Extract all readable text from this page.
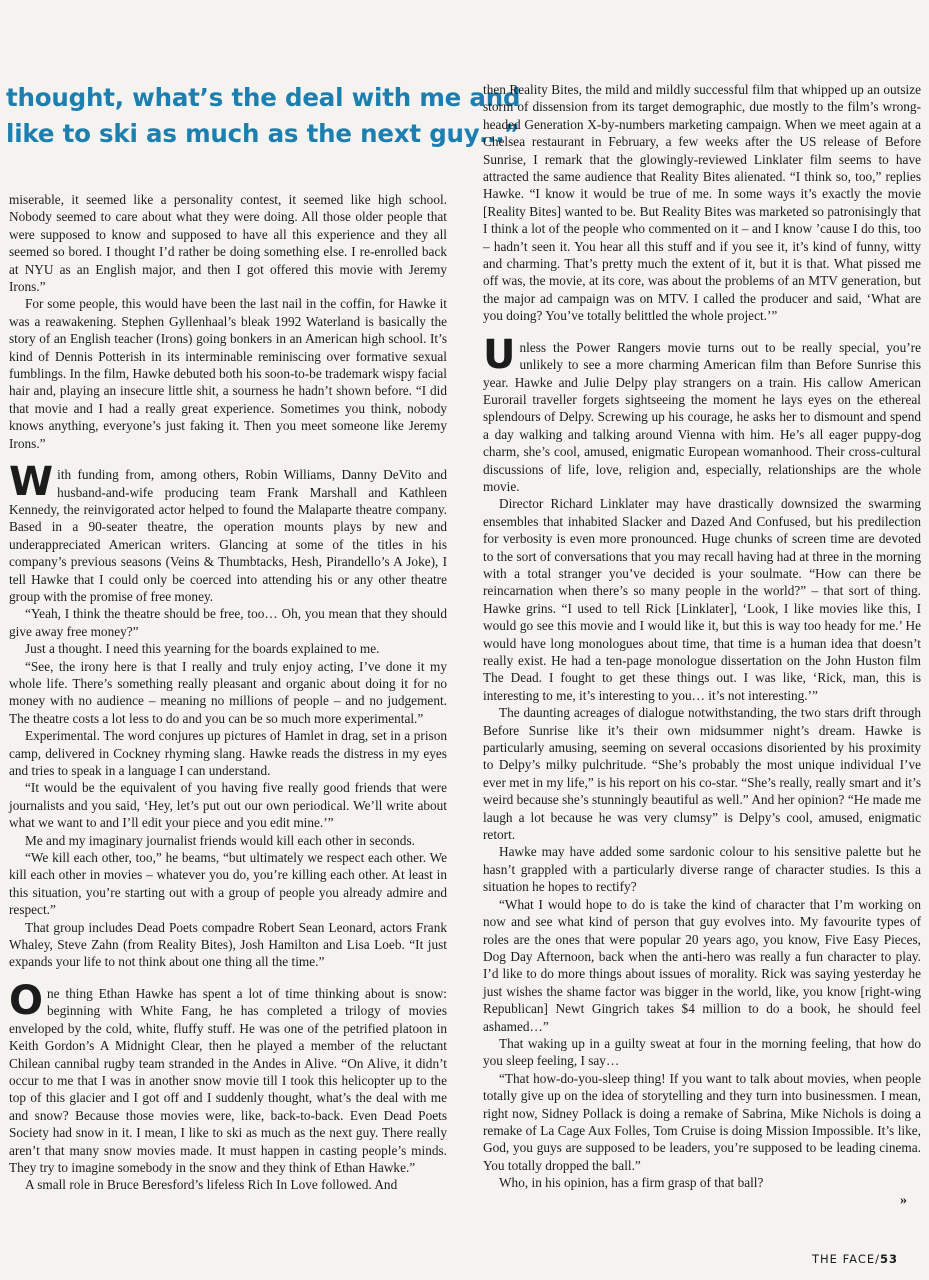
thought, what’s the deal with me and
like to ski as much as the next guy…”

miserable, it seemed like a personality contest, it seemed like high school. Nobody seemed to care about what they were doing. All those older people that were supposed to know and supposed to have all this experience and they all seemed so bored. I thought I’d rather be doing something else. I re-enrolled back at NYU as an English major, and then I got offered this movie with Jeremy Irons.”

For some people, this would have been the last nail in the coffin, for Hawke it was a reawakening. Stephen Gyllenhaal’s bleak 1992 Waterland is basically the story of an English teacher (Irons) going bonkers in an American high school. It’s kind of Dennis Potterish in its interminable reminiscing over formative sexual fumblings. In the film, Hawke debuted both his soon-to-be trademark wispy facial hair and, playing an insecure little shit, a sourness he hadn’t shown before. “I did that movie and I had a really great experience. Sometimes you think, nobody knows anything, everyone’s just faking it. Then you meet someone like Jeremy Irons.”

With funding from, among others, Robin Williams, Danny DeVito and husband-and-wife producing team Frank Marshall and Kathleen Kennedy, the reinvigorated actor helped to found the Malaparte theatre company. Based in a 90-seater theatre, the operation mounts plays by new and underappreciated American writers. Glancing at some of the titles in his company’s previous seasons (Veins & Thumbtacks, Hesh, Pirandello’s A Joke), I tell Hawke that I could only be coerced into attending his or any other theatre group with the promise of free money.

“Yeah, I think the theatre should be free, too… Oh, you mean that they should give away free money?”

Just a thought. I need this yearning for the boards explained to me.

“See, the irony here is that I really and truly enjoy acting, I’ve done it my whole life. There’s something really pleasant and organic about doing it for no money with no audience – meaning no millions of people – and no judgement. The theatre costs a lot less to do and you can be so much more experimental.”

Experimental. The word conjures up pictures of Hamlet in drag, set in a prison camp, delivered in Cockney rhyming slang. Hawke reads the distress in my eyes and tries to speak in a language I can understand.

“It would be the equivalent of you having five really good friends that were journalists and you said, ‘Hey, let’s put out our own periodical. We’ll write about what we want to and I’ll edit your piece and you edit mine.’”

Me and my imaginary journalist friends would kill each other in seconds.

“We kill each other, too,” he beams, “but ultimately we respect each other. We kill each other in movies – whatever you do, you’re killing each other. At least in this situation, you’re starting out with a group of people you already admire and respect.”

That group includes Dead Poets compadre Robert Sean Leonard, actors Frank Whaley, Steve Zahn (from Reality Bites), Josh Hamilton and Lisa Loeb. “It just expands your life to not think about one thing all the time.”

One thing Ethan Hawke has spent a lot of time thinking about is snow: beginning with White Fang, he has completed a trilogy of movies enveloped by the cold, white, fluffy stuff. He was one of the petrified platoon in Keith Gordon’s A Midnight Clear, then he played a member of the reluctant Chilean cannibal rugby team stranded in the Andes in Alive. “On Alive, it didn’t occur to me that I was in another snow movie till I took this helicopter up to the top of this glacier and I got off and I suddenly thought, what’s the deal with me and snow? Because those movies were, like, back-to-back. Even Dead Poets Society had snow in it. I mean, I like to ski as much as the next guy. There really aren’t that many snow movies made. It must happen in casting people’s minds. They try to imagine somebody in the snow and they think of Ethan Hawke.”

A small role in Bruce Beresford’s lifeless Rich In Love followed. And

then Reality Bites, the mild and mildly successful film that whipped up an outsize storm of dissension from its target demographic, due mostly to the film’s wrong-headed Generation X-by-numbers marketing campaign. When we meet again at a Chelsea restaurant in February, a few weeks after the US release of Before Sunrise, I remark that the glowingly-reviewed Linklater film seems to have attracted the same audience that Reality Bites alienated. “I think so, too,” replies Hawke. “I know it would be true of me. In some ways it’s exactly the movie [Reality Bites] wanted to be. But Reality Bites was marketed so patronisingly that I think a lot of the people who commented on it – and I know ’cause I do this, too – hadn’t seen it. You hear all this stuff and if you see it, it’s kind of funny, witty and charming. That’s pretty much the extent of it, but it is that. What pissed me off was, the movie, at its core, was about the problems of an MTV generation, but the major ad campaign was on MTV. I called the producer and said, ‘What are you doing? You’ve totally belittled the whole project.’”

Unless the Power Rangers movie turns out to be really special, you’re unlikely to see a more charming American film than Before Sunrise this year. Hawke and Julie Delpy play strangers on a train. His callow American Eurorail traveller forgets sightseeing the moment he lays eyes on the ethereal splendours of Delpy. Screwing up his courage, he asks her to dismount and spend a day walking and talking around Vienna with him. He’s all eager puppy-dog charm, she’s cool, amused, enigmatic European womanhood. Their cross-cultural discussions of life, love, religion and, especially, relationships are the whole movie.

Director Richard Linklater may have drastically downsized the swarming ensembles that inhabited Slacker and Dazed And Confused, but his predilection for verbosity is even more pronounced. Huge chunks of screen time are devoted to the sort of conversations that you may recall having had at three in the morning with a total stranger you’ve decided is your soulmate. “How can there be reincarnation when there’s so many people in the world?” – that sort of thing. Hawke grins. “I used to tell Rick [Linklater], ‘Look, I like movies like this, I would go see this movie and I would like it, but this is way too heady for me.’ He would have long monologues about time, that time is a human idea that doesn’t really exist. He had a ten-page monologue dissertation on the John Huston film The Dead. I fought to get these things out. I was like, ‘Rick, man, this is interesting to me, it’s interesting to you… it’s not interesting.’”

The daunting acreages of dialogue notwithstanding, the two stars drift through Before Sunrise like it’s their own midsummer night’s dream. Hawke is particularly amusing, seeming on several occasions disoriented by his proximity to Delpy’s milky pulchritude. “She’s probably the most unique individual I’ve ever met in my life,” is his report on his co-star. “She’s really, really smart and it’s weird because she’s stunningly beautiful as well.” And her opinion? “He made me laugh a lot because he was very clumsy” is Delpy’s cool, amused, enigmatic retort.

Hawke may have added some sardonic colour to his sensitive palette but he hasn’t grappled with a particularly diverse range of character studies. Is this a situation he hopes to rectify?

“What I would hope to do is take the kind of character that I’m working on now and see what kind of person that guy evolves into. My favourite types of roles are the ones that were popular 20 years ago, you know, Five Easy Pieces, Dog Day Afternoon, back when the anti-hero was really a fun character to play. I’d like to do more things about issues of morality. Rick was saying yesterday he just wishes the shame factor was bigger in the world, like, you know [right-wing Republican] Newt Gingrich takes $4 million to do a book, he should feel ashamed…”

That waking up in a guilty sweat at four in the morning feeling, that how do you sleep feeling, I say…

“That how-do-you-sleep thing! If you want to talk about movies, when people totally give up on the idea of storytelling and they turn into businessmen. I mean, right now, Sidney Pollack is doing a remake of Sabrina, Mike Nichols is doing a remake of La Cage Aux Folles, Tom Cruise is doing Mission Impossible. It’s like, God, you guys are supposed to be leaders, you’re supposed to be leading cinema. You totally dropped the ball.”

Who, in his opinion, has a firm grasp of that ball?

»
THE FACE/53
